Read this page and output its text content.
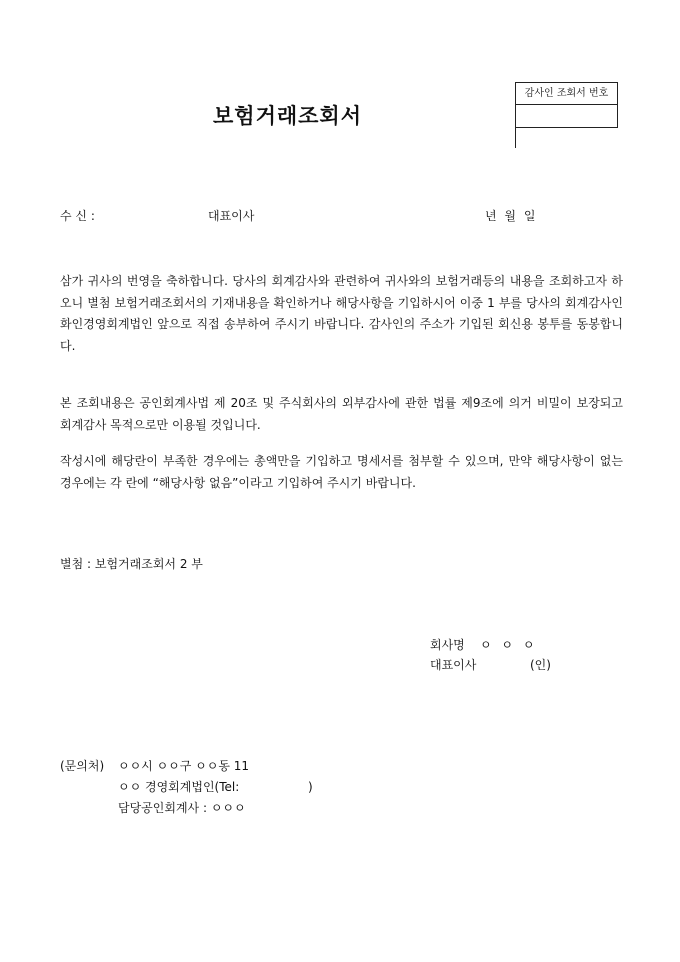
감사인 조회서 번호
보험거래조회서
수 신 :	대표이사	년 월 일
삼가 귀사의 번영을 축하합니다. 당사의 회계감사와 관련하여 귀사와의 보험거래등의 내용을 조회하고자 하오니 별첨 보험거래조회서의 기재내용을 확인하거나 해당사항을 기입하시어 이중 1 부를 당사의 회계감사인 화인경영회계법인 앞으로 직접 송부하여 주시기 바랍니다. 감사인의 주소가 기입된 회신용 봉투를 동봉합니다.
본 조회내용은 공인회계사법 제 20조 및 주식회사의 외부감사에 관한 법률 제9조에 의거 비밀이 보장되고 회계감사 목적으로만 이용될 것입니다.
작성시에 해당란이 부족한 경우에는 총액만을 기입하고 명세서를 첨부할 수 있으며, 만약 해당사항이 없는 경우에는 각 란에 “해당사항 없음”이라고 기입하여 주시기 바랍니다.
별첨 : 보험거래조회서 2 부
회사명 ㅇ ㅇ ㅇ
대표이사	(인)
(문의처) ㅇㅇ시 ㅇㅇ구 ㅇㅇ동 11
ㅇㅇ 경영회계법인(Tel:                  )
담당공인회계사 : ㅇㅇㅇ
